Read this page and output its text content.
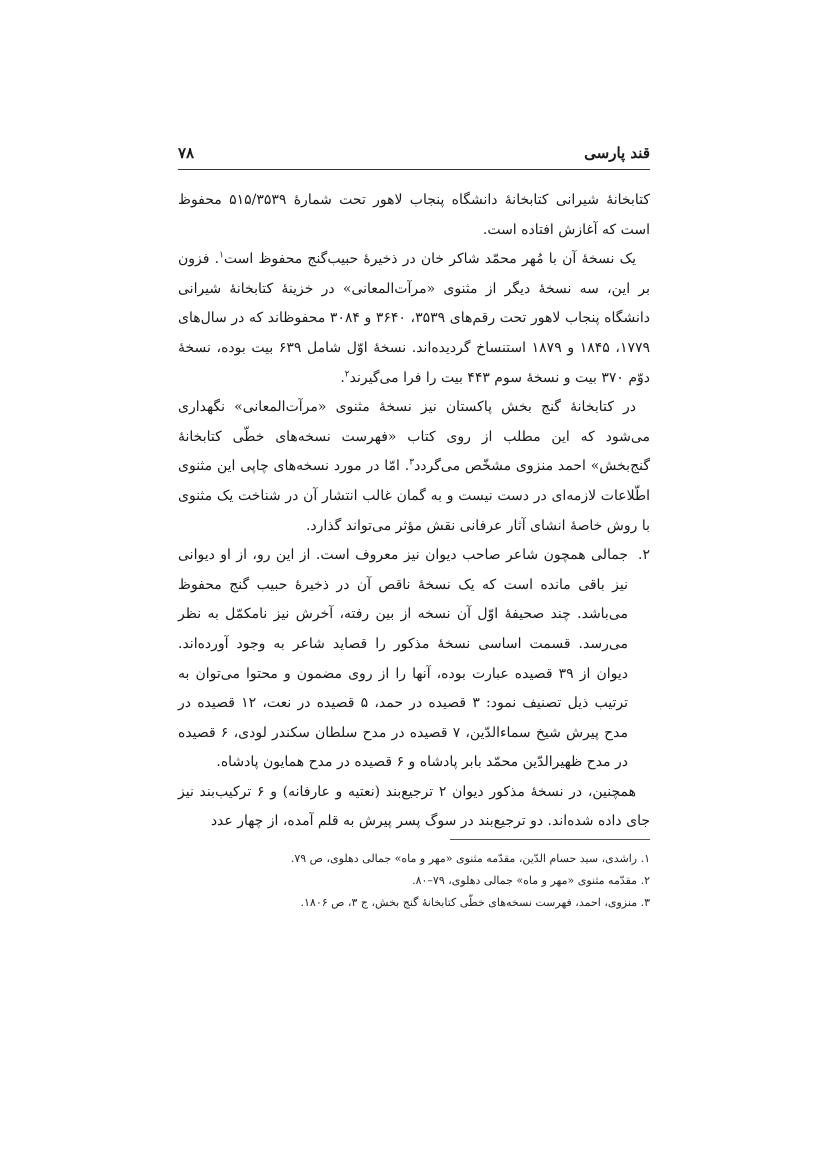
قند پارسی
۷۸

کتابخانهٔ شیرانی کتابخانهٔ دانشگاه پنجاب لاهور تحت شمارهٔ ۵۱۵/۳۵۳۹ محفوظ است که آغازش افتاده است.

یک نسخهٔ آن با مُهر محمّد شاکر خان در ذخیرهٔ حبیب‌گنج محفوظ است$^۱$. فزون بر این، سه نسخهٔ دیگر از مثنوی «مرآت‌المعانی» در خزینهٔ کتابخانهٔ شیرانی دانشگاه پنجاب لاهور تحت رقم‌های ۳۵۳۹، ۳۶۴۰ و ۳۰۸۴ محفوظاند که در سال‌های ۱۷۷۹، ۱۸۴۵ و ۱۸۷۹ استنساخ گردیده‌اند. نسخهٔ اوّل شامل ۶۳۹ بیت بوده، نسخهٔ دوّم ۳۷۰ بیت و نسخهٔ سوم ۴۴۳ بیت را فرا می‌گیرند$^۲$.

در کتابخانهٔ گنج بخش پاکستان نیز نسخهٔ مثنوی «مرآت‌المعانی» نگهداری می‌شود که این مطلب از روی کتاب «فهرست نسخه‌های خطّی کتابخانهٔ گنج‌بخش» احمد منزوی مشخّص می‌گردد$^۳$. امّا در مورد نسخه‌های چاپی این مثنوی اطّلاعات لازمه‌ای در دست نیست و به گمان غالب انتشار آن در شناخت یک مثنوی با روش خاصهٔ انشای آثار عرفانی نقش مؤثر می‌تواند گذارد.

۲.
جمالی همچون شاعر صاحب دیوان نیز معروف است. از این رو، از او دیوانی نیز باقی مانده است که یک نسخهٔ ناقص آن در ذخیرهٔ حبیب گنج محفوظ می‌باشد. چند صحیفهٔ اوّل آن نسخه از بین رفته، آخرش نیز نامکمّل به نظر می‌رسد. قسمت اساسی نسخهٔ مذکور را قصاید شاعر به وجود آورده‌اند. دیوان از ۳۹ قصیده عبارت بوده، آنها را از روی مضمون و محتوا می‌توان به ترتیب ذیل تصنیف نمود: ۳ قصیده در حمد، ۵ قصیده در نعت، ۱۲ قصیده در مدح پیرش شیخ سماءالدّین، ۷ قصیده در مدح سلطان سکندر لودی، ۶ قصیده در مدح ظهیرالدّین محمّد بابر پادشاه و ۶ قصیده در مدح همایون پادشاه.

همچنین، در نسخهٔ مذکور دیوان ۲ ترجیع‌بند (نعتیه و عارفانه) و ۶ ترکیب‌بند نیز جای داده شده‌اند. دو ترجیع‌بند در سوگ پسر پیرش به قلم آمده، از چهار عدد

۱. راشدی، سید حسام الدّین، مقدّمه مثنوی «مهر و ماه» جمالی دهلوی، ص ۷۹.

۲. مقدّمه مثنوی «مهر و ماه» جمالی دهلوی، ۷۹–۸۰.

۳. منزوی، احمد، فهرست نسخه‌های خطّی کتابخانهٔ گنج بخش، ج ۳، ص ۱۸۰۶.
